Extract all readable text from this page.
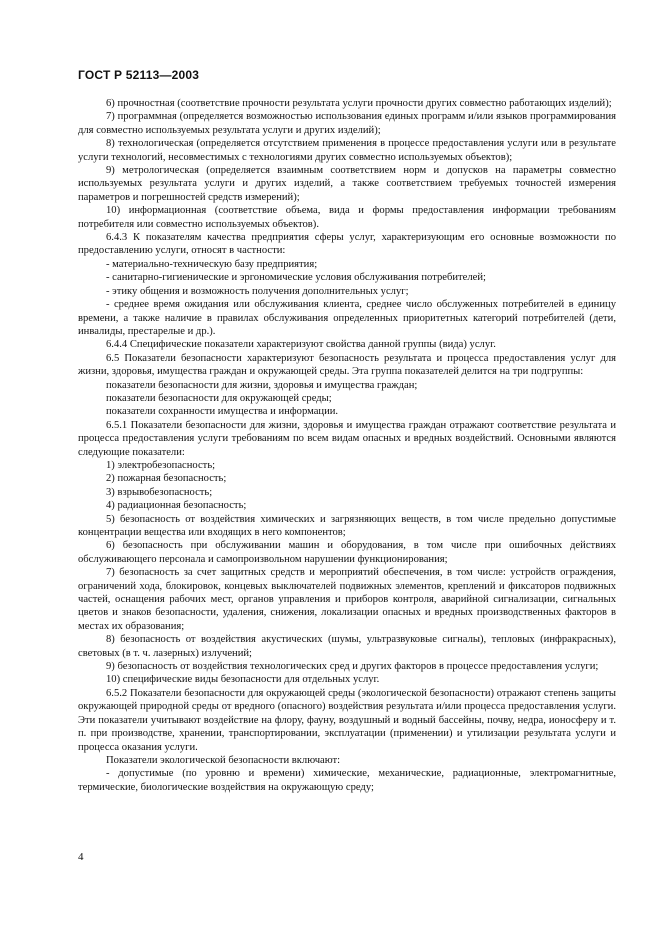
ГОСТ Р 52113—2003

6) прочностная (соответствие прочности результата услуги прочности других совместно работающих изделий);

7) программная (определяется возможностью использования единых программ и/или языков программирования для совместно используемых результата услуги и других изделий);

8) технологическая (определяется отсутствием применения в процессе предоставления услуги или в результате услуги технологий, несовместимых с технологиями других совместно используемых объектов);

9) метрологическая (определяется взаимным соответствием норм и допусков на параметры совместно используемых результата услуги и других изделий, а также соответствием требуемых точностей измерения параметров и погрешностей средств измерений);

10) информационная (соответствие объема, вида и формы предоставления информации требованиям потребителя или совместно используемых объектов).

6.4.3 К показателям качества предприятия сферы услуг, характеризующим его основные возможности по предоставлению услуги, относят в частности:

- материально-техническую базу предприятия;

- санитарно-гигиенические и эргономические условия обслуживания потребителей;

- этику общения и возможность получения дополнительных услуг;

- среднее время ожидания или обслуживания клиента, среднее число обслуженных потребителей в единицу времени, а также наличие в правилах обслуживания определенных приоритетных категорий потребителей (дети, инвалиды, престарелые и др.).

6.4.4 Специфические показатели характеризуют свойства данной группы (вида) услуг.

6.5 Показатели безопасности характеризуют безопасность результата и процесса предоставления услуг для жизни, здоровья, имущества граждан и окружающей среды. Эта группа показателей делится на три подгруппы:

показатели безопасности для жизни, здоровья и имущества граждан;

показатели безопасности для окружающей среды;

показатели сохранности имущества и информации.

6.5.1 Показатели безопасности для жизни, здоровья и имущества граждан отражают соответствие результата и процесса предоставления услуги требованиям по всем видам опасных и вредных воздействий. Основными являются следующие показатели:

1) электробезопасность;

2) пожарная безопасность;

3) взрывобезопасность;

4) радиационная безопасность;

5) безопасность от воздействия химических и загрязняющих веществ, в том числе предельно допустимые концентрации вещества или входящих в него компонентов;

6) безопасность при обслуживании машин и оборудования, в том числе при ошибочных действиях обслуживающего персонала и самопроизвольном нарушении функционирования;

7) безопасность за счет защитных средств и мероприятий обеспечения, в том числе: устройств ограждения, ограничений хода, блокировок, концевых выключателей подвижных элементов, креплений и фиксаторов подвижных частей, оснащения рабочих мест, органов управления и приборов контроля, аварийной сигнализации, сигнальных цветов и знаков безопасности, удаления, снижения, локализации опасных и вредных производственных факторов в местах их образования;

8) безопасность от воздействия акустических (шумы, ультразвуковые сигналы), тепловых (инфракрасных), световых (в т. ч. лазерных) излучений;

9) безопасность от воздействия технологических сред и других факторов в процессе предоставления услуги;

10) специфические виды безопасности для отдельных услуг.

6.5.2 Показатели безопасности для окружающей среды (экологической безопасности) отражают степень защиты окружающей природной среды от вредного (опасного) воздействия результата и/или процесса предоставления услуги. Эти показатели учитывают воздействие на флору, фауну, воздушный и водный бассейны, почву, недра, ионосферу и т. п. при производстве, хранении, транспортировании, эксплуатации (применении) и утилизации результата услуги и процесса оказания услуги.

Показатели экологической безопасности включают:

- допустимые (по уровню и времени) химические, механические, радиационные, электромагнитные, термические, биологические воздействия на окружающую среду;

4
